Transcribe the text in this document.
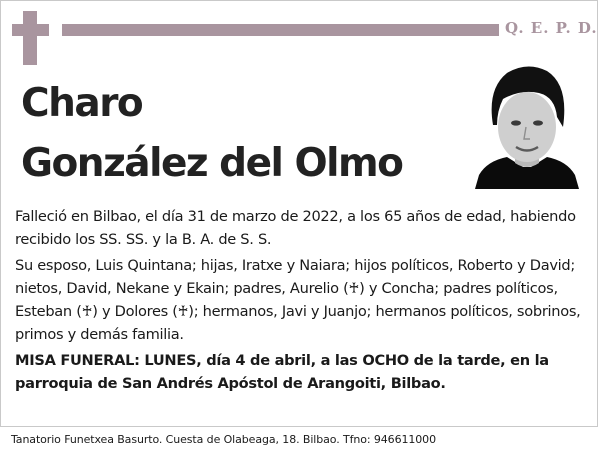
Q. E. P. D.
Charo
González del Olmo
Falleció en Bilbao, el día 31 de marzo de 2022, a los 65 años de edad, habiendo recibido los SS. SS. y la B. A. de S. S.
Su esposo, Luis Quintana; hijas, Iratxe y Naiara; hijos políticos, Roberto y David; nietos, David, Nekane y Ekain; padres, Aurelio (♰) y Concha; padres políticos, Esteban (♰) y Dolores (♰); hermanos, Javi y Juanjo; hermanos políticos, sobrinos, primos y demás familia.
MISA FUNERAL: LUNES, día 4 de abril, a las OCHO de la tarde, en la parroquia de San Andrés Apóstol de Arangoiti, Bilbao.
Tanatorio Funetxea Basurto. Cuesta de Olabeaga, 18. Bilbao. Tfno: 946611000
